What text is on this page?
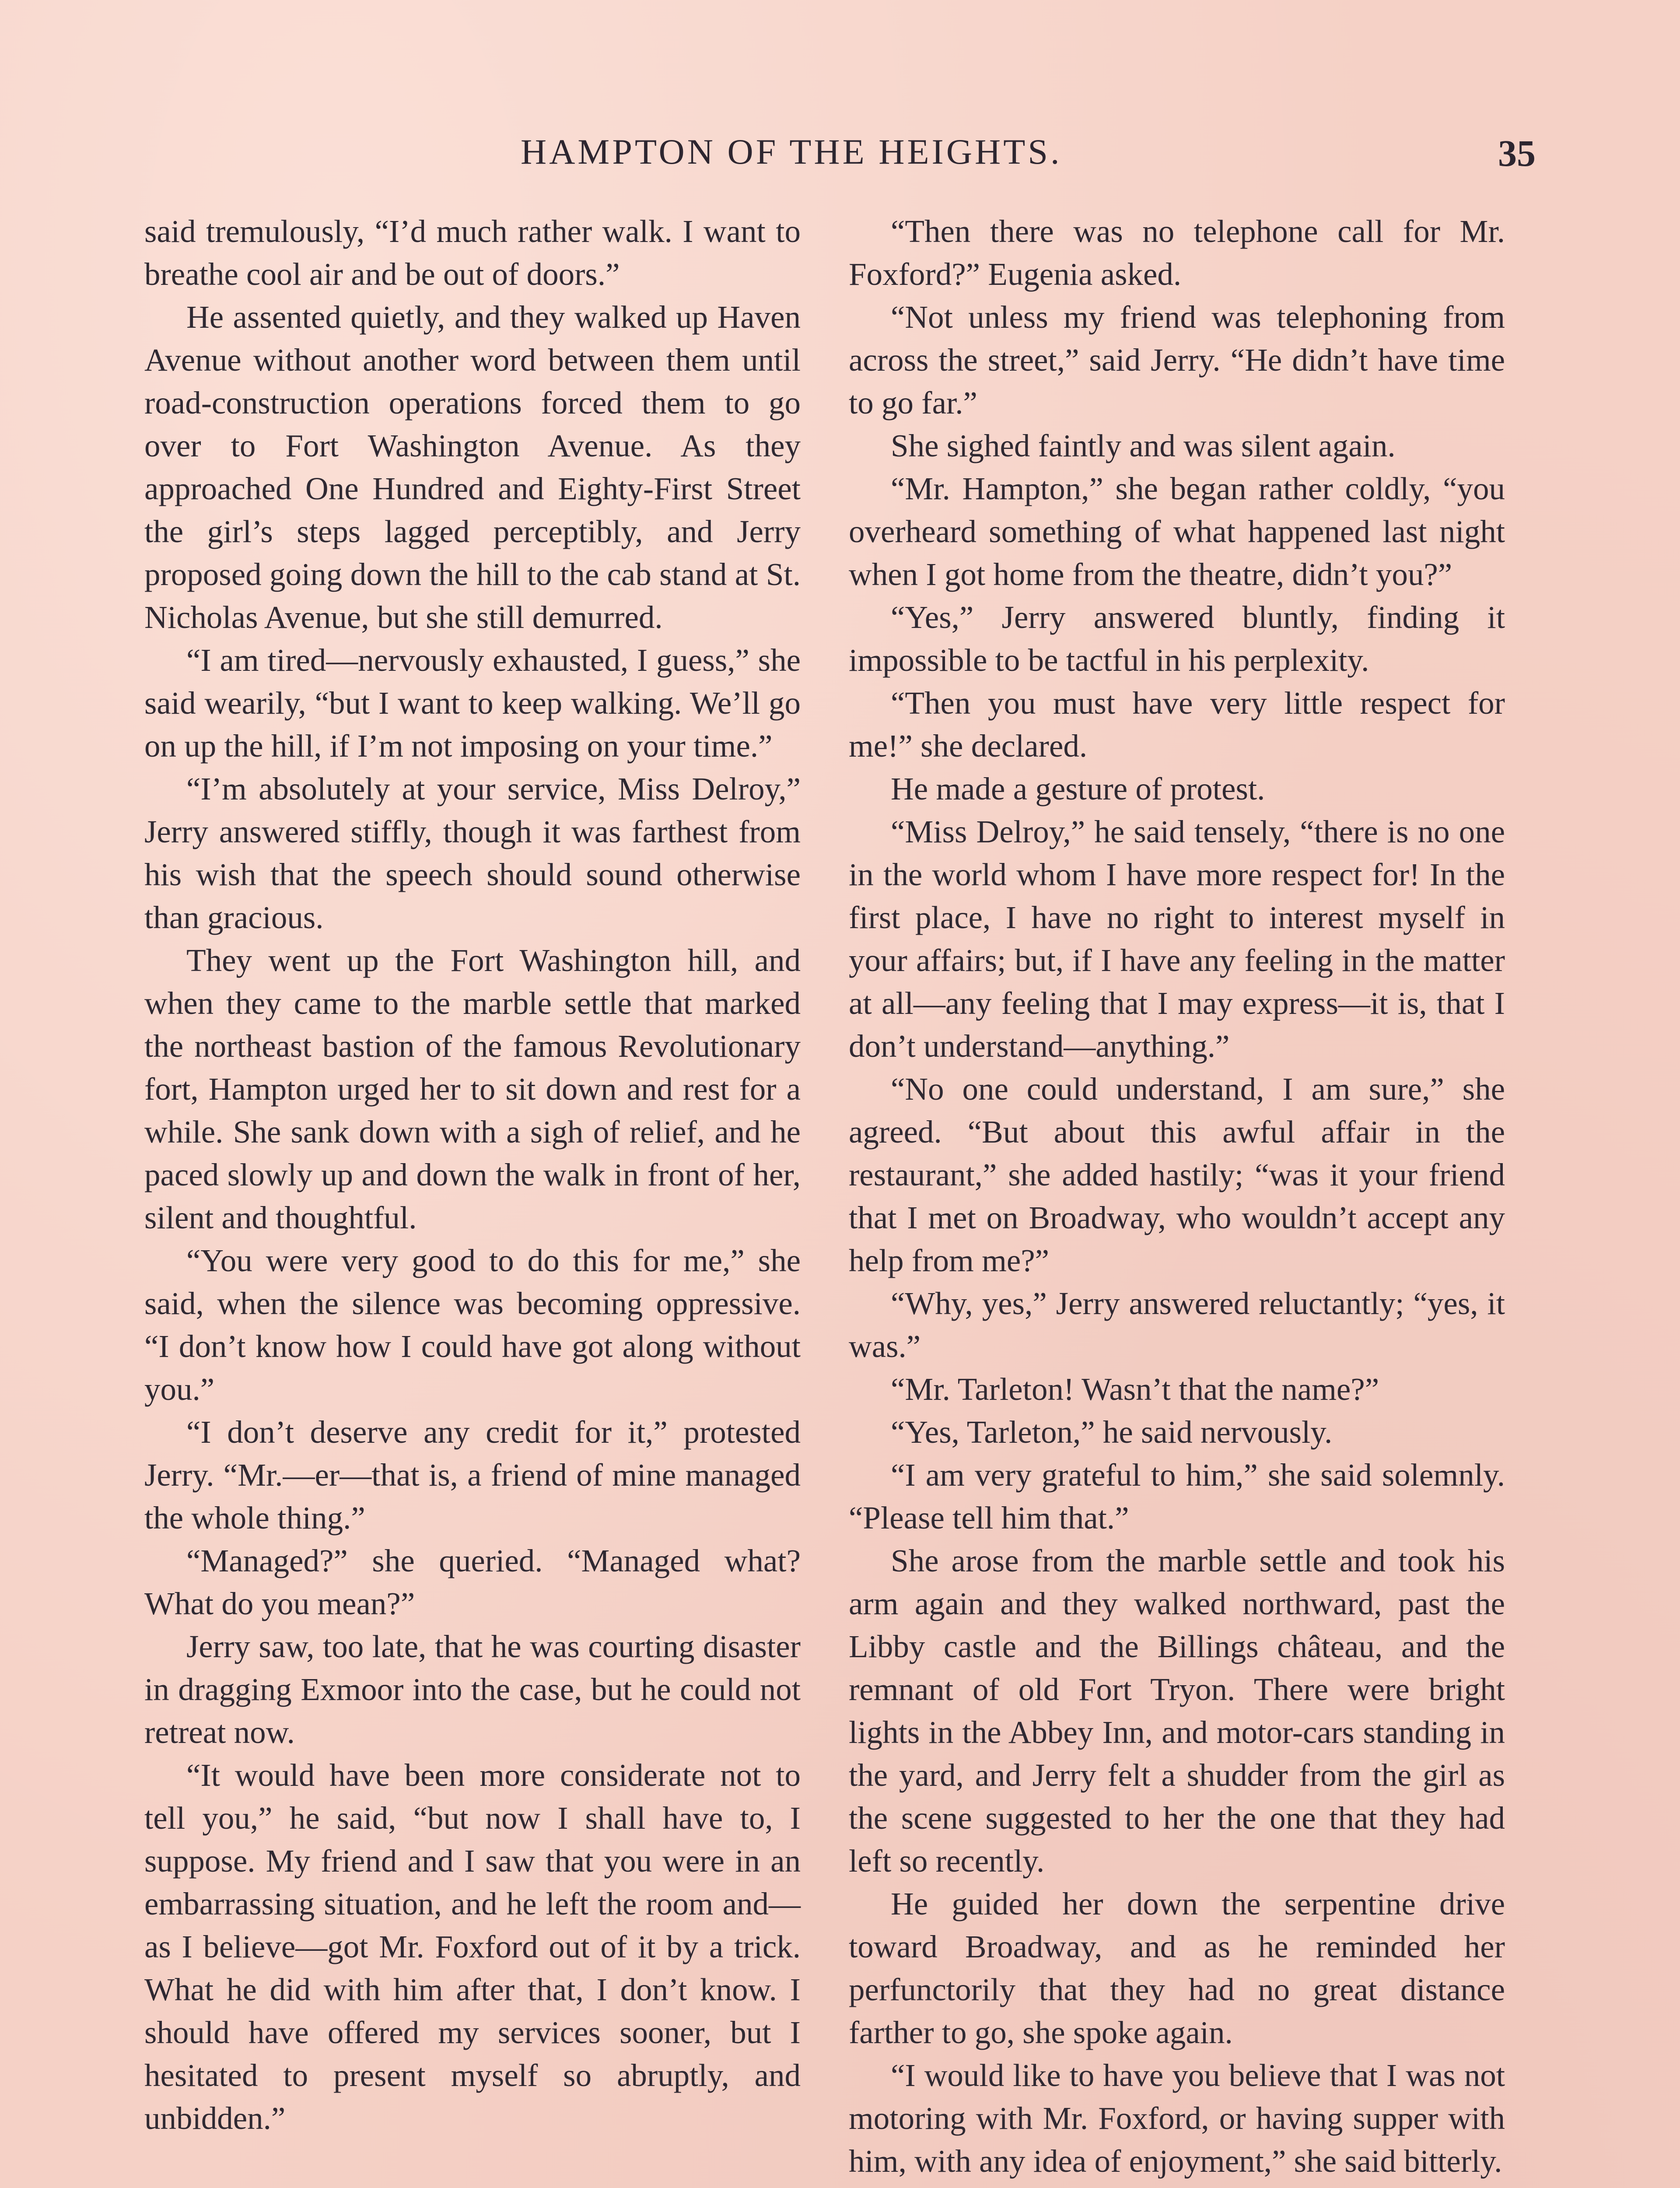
HAMPTON OF THE HEIGHTS.	35

said tremulously, “I’d much rather walk. I want to breathe cool air and be out of doors.”

He assented quietly, and they walked up Haven Avenue without another word between them until road-construction operations forced them to go over to Fort Washington Avenue. As they approached One Hundred and Eighty-First Street the girl’s steps lagged perceptibly, and Jerry proposed going down the hill to the cab stand at St. Nicholas Avenue, but she still demurred.

“I am tired—nervously exhausted, I guess,” she said wearily, “but I want to keep walking. We’ll go on up the hill, if I’m not imposing on your time.”

“I’m absolutely at your service, Miss Delroy,” Jerry answered stiffly, though it was farthest from his wish that the speech should sound otherwise than gracious.

They went up the Fort Washington hill, and when they came to the marble settle that marked the northeast bastion of the famous Revolutionary fort, Hampton urged her to sit down and rest for a while. She sank down with a sigh of relief, and he paced slowly up and down the walk in front of her, silent and thoughtful.

“You were very good to do this for me,” she said, when the silence was becoming oppressive. “I don’t know how I could have got along without you.”

“I don’t deserve any credit for it,” protested Jerry. “Mr.—er—that is, a friend of mine managed the whole thing.”

“Managed?” she queried. “Managed what? What do you mean?”

Jerry saw, too late, that he was courting disaster in dragging Exmoor into the case, but he could not retreat now.

“It would have been more considerate not to tell you,” he said, “but now I shall have to, I suppose. My friend and I saw that you were in an embarrassing situation, and he left the room and—as I believe—got Mr. Foxford out of it by a trick. What he did with him after that, I don’t know. I should have offered my services sooner, but I hesitated to present myself so abruptly, and unbidden.”

“Then there was no telephone call for Mr. Foxford?” Eugenia asked.

“Not unless my friend was telephoning from across the street,” said Jerry. “He didn’t have time to go far.”

She sighed faintly and was silent again.

“Mr. Hampton,” she began rather coldly, “you overheard something of what happened last night when I got home from the theatre, didn’t you?”

“Yes,” Jerry answered bluntly, finding it impossible to be tactful in his perplexity.

“Then you must have very little respect for me!” she declared.

He made a gesture of protest.

“Miss Delroy,” he said tensely, “there is no one in the world whom I have more respect for! In the first place, I have no right to interest myself in your affairs; but, if I have any feeling in the matter at all—any feeling that I may express—it is, that I don’t understand—anything.”

“No one could understand, I am sure,” she agreed. “But about this awful affair in the restaurant,” she added hastily; “was it your friend that I met on Broadway, who wouldn’t accept any help from me?”

“Why, yes,” Jerry answered reluctantly; “yes, it was.”

“Mr. Tarleton! Wasn’t that the name?”

“Yes, Tarleton,” he said nervously.

“I am very grateful to him,” she said solemnly. “Please tell him that.”

She arose from the marble settle and took his arm again and they walked northward, past the Libby castle and the Billings château, and the remnant of old Fort Tryon. There were bright lights in the Abbey Inn, and motor-cars standing in the yard, and Jerry felt a shudder from the girl as the scene suggested to her the one that they had left so recently.

He guided her down the serpentine drive toward Broadway, and as he reminded her perfunctorily that they had no great distance farther to go, she spoke again.

“I would like to have you believe that I was not motoring with Mr. Foxford, or having supper with him, with any idea of enjoyment,” she said bitterly.
